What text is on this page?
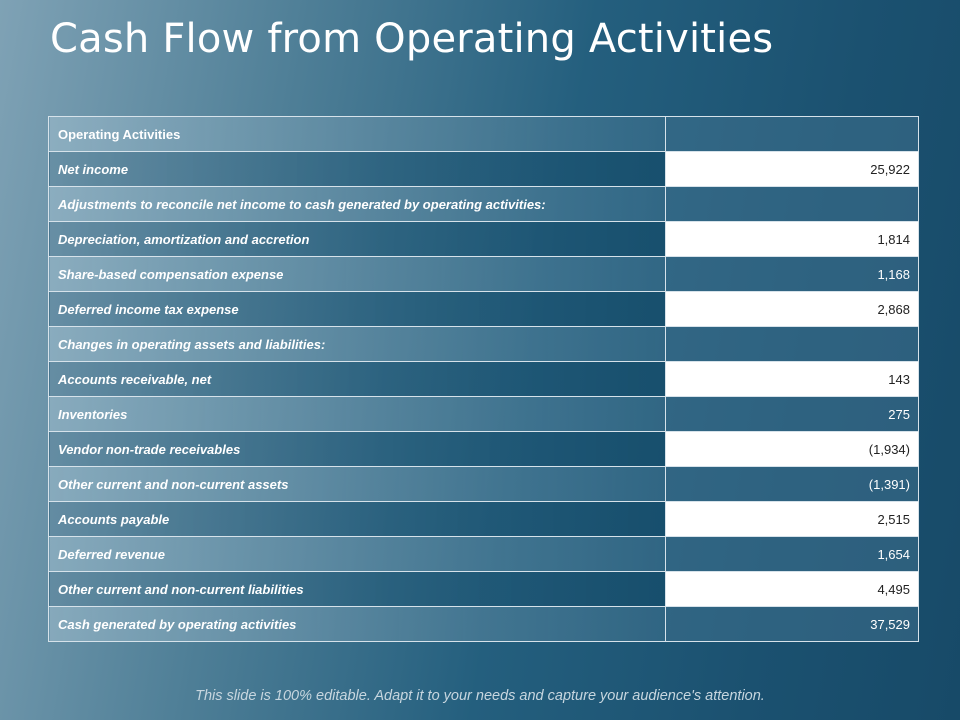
Cash Flow from Operating Activities
Operating Activities	
Net income	25,922
Adjustments to reconcile net income to cash generated by operating activities:	
Depreciation, amortization and accretion	1,814
Share-based compensation expense	1,168
Deferred income tax expense	2,868
Changes in operating assets and liabilities:	
Accounts receivable, net	143
Inventories	275
Vendor non-trade receivables	(1,934)
Other current and non-current assets	(1,391)
Accounts payable	2,515
Deferred revenue	1,654
Other current and non-current liabilities	4,495
Cash generated by operating activities	37,529
This slide is 100% editable. Adapt it to your needs and capture your audience's attention.
